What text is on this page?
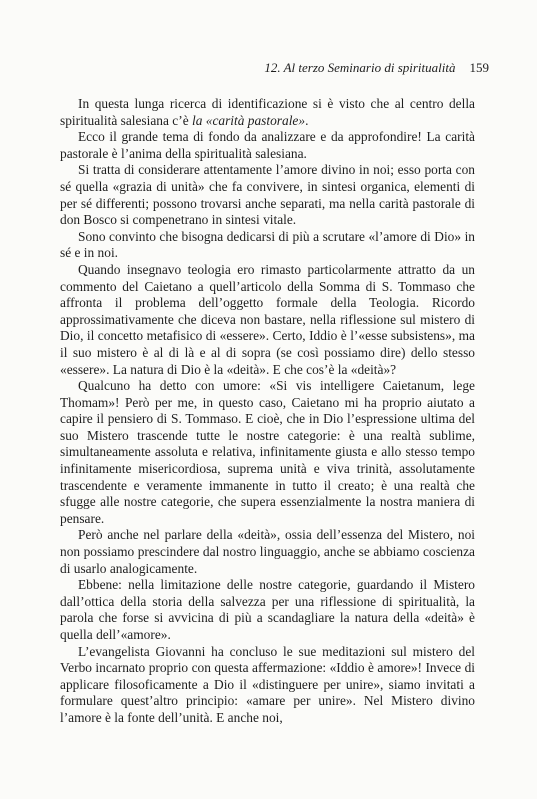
12. Al terzo Seminario di spiritualità 159

In questa lunga ricerca di identificazione si è visto che al centro della spiritualità salesiana c’è la «carità pastorale».

Ecco il grande tema di fondo da analizzare e da approfondire! La carità pastorale è l’anima della spiritualità salesiana.

Si tratta di considerare attentamente l’amore divino in noi; esso porta con sé quella «grazia di unità» che fa convivere, in sintesi organica, elementi di per sé differenti; possono trovarsi anche separati, ma nella carità pastorale di don Bosco si compenetrano in sintesi vitale.

Sono convinto che bisogna dedicarsi di più a scrutare «l’amore di Dio» in sé e in noi.

Quando insegnavo teologia ero rimasto particolarmente attratto da un commento del Caietano a quell’articolo della Somma di S. Tommaso che affronta il problema dell’oggetto formale della Teologia. Ricordo approssimativamente che diceva non bastare, nella riflessione sul mistero di Dio, il concetto metafisico di «essere». Certo, Iddio è l’«esse subsistens», ma il suo mistero è al di là e al di sopra (se così possiamo dire) dello stesso «essere». La natura di Dio è la «deità». E che cos’è la «deità»?

Qualcuno ha detto con umore: «Si vis intelligere Caietanum, lege Thomam»! Però per me, in questo caso, Caietano mi ha proprio aiutato a capire il pensiero di S. Tommaso. E cioè, che in Dio l’espressione ultima del suo Mistero trascende tutte le nostre categorie: è una realtà sublime, simultaneamente assoluta e relativa, infinitamente giusta e allo stesso tempo infinitamente misericordiosa, suprema unità e viva trinità, assolutamente trascendente e veramente immanente in tutto il creato; è una realtà che sfugge alle nostre categorie, che supera essenzialmente la nostra maniera di pensare.

Però anche nel parlare della «deità», ossia dell’essenza del Mistero, noi non possiamo prescindere dal nostro linguaggio, anche se abbiamo coscienza di usarlo analogicamente.

Ebbene: nella limitazione delle nostre categorie, guardando il Mistero dall’ottica della storia della salvezza per una riflessione di spiritualità, la parola che forse si avvicina di più a scandagliare la natura della «deità» è quella dell’«amore».

L’evangelista Giovanni ha concluso le sue meditazioni sul mistero del Verbo incarnato proprio con questa affermazione: «Iddio è amore»! Invece di applicare filosoficamente a Dio il «distinguere per unire», siamo invitati a formulare quest’altro principio: «amare per unire». Nel Mistero divino l’amore è la fonte dell’unità. E anche noi,
